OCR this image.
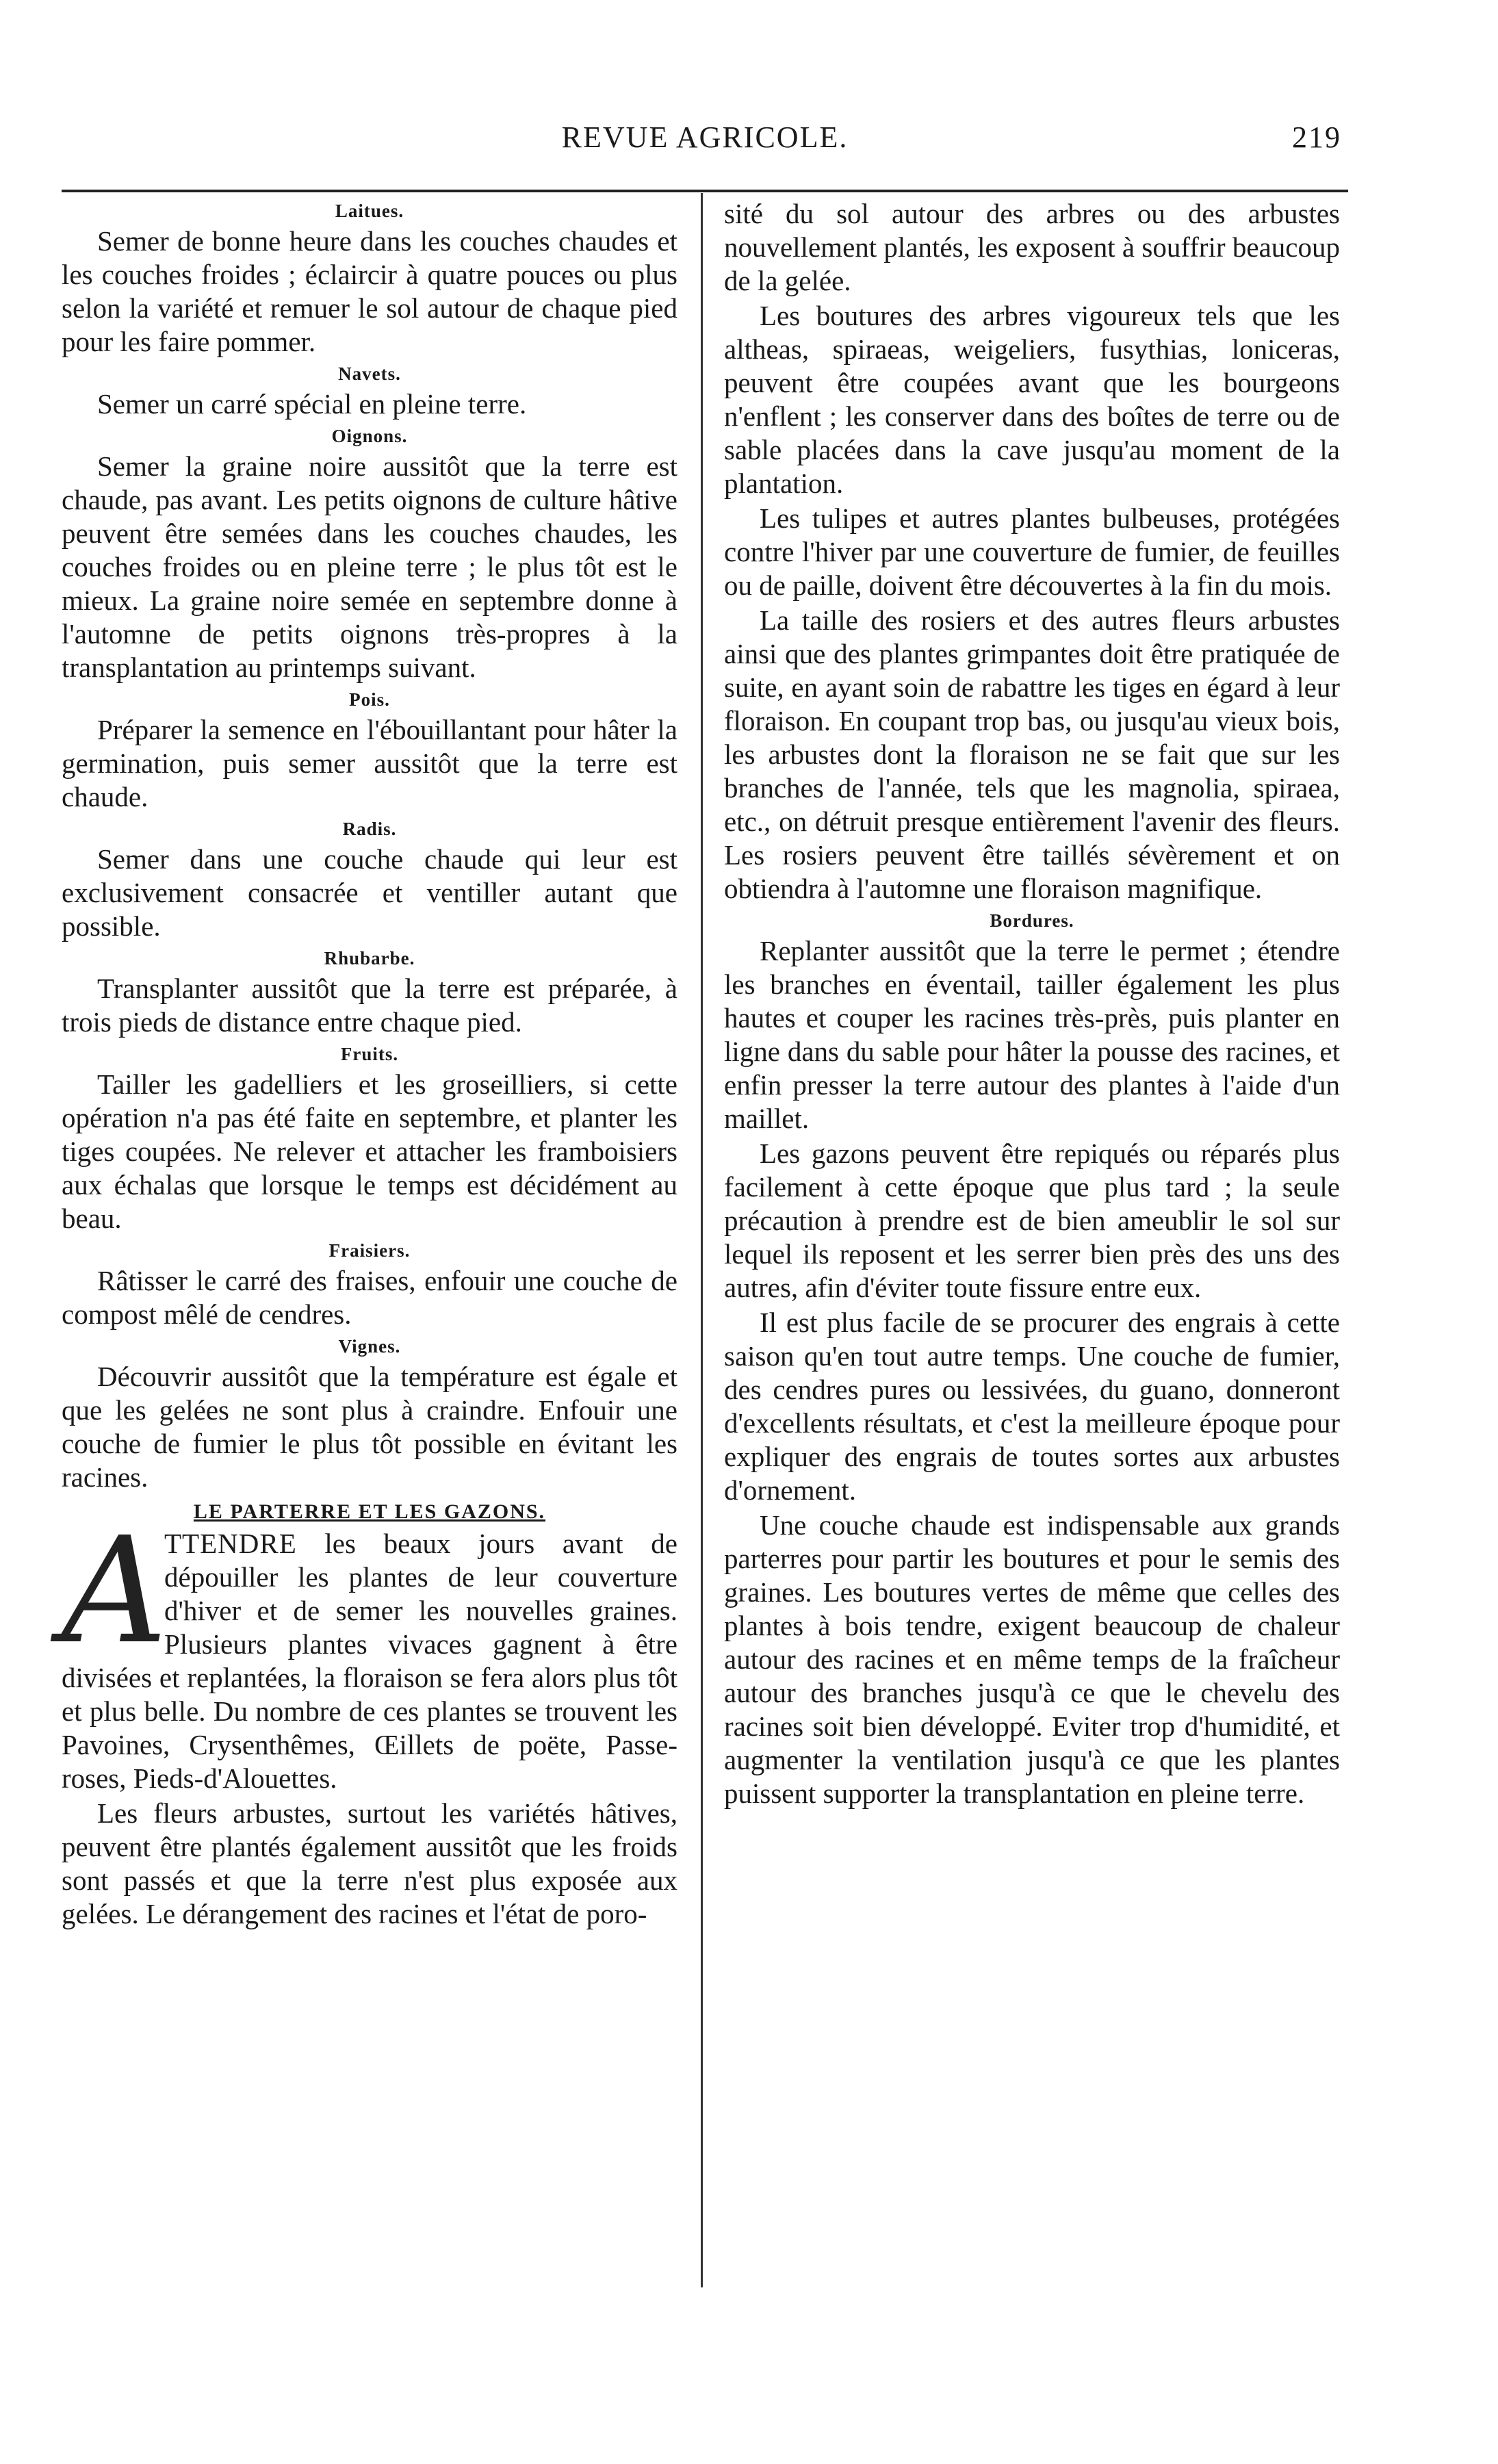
REVUE AGRICOLE.	219
Laitues.

Semer de bonne heure dans les couches chaudes et les couches froides ; éclaircir à quatre pouces ou plus selon la variété et remuer le sol autour de chaque pied pour les faire pommer.

Navets.

Semer un carré spécial en pleine terre.

Oignons.

Semer la graine noire aussitôt que la terre est chaude, pas avant. Les petits oignons de culture hâtive peuvent être semées dans les couches chaudes, les couches froides ou en pleine terre ; le plus tôt est le mieux. La graine noire semée en septembre donne à l'automne de petits oignons très-propres à la transplantation au printemps suivant.

Pois.

Préparer la semence en l'ébouillantant pour hâter la germination, puis semer aussitôt que la terre est chaude.

Radis.

Semer dans une couche chaude qui leur est exclusivement consacrée et ventiller autant que possible.

Rhubarbe.

Transplanter aussitôt que la terre est préparée, à trois pieds de distance entre chaque pied.

Fruits.

Tailler les gadelliers et les groseilliers, si cette opération n'a pas été faite en septembre, et planter les tiges coupées. Ne relever et attacher les framboisiers aux échalas que lorsque le temps est décidément au beau.

Fraisiers.

Râtisser le carré des fraises, enfouir une couche de compost mêlé de cendres.

Vignes.

Découvrir aussitôt que la température est égale et que les gelées ne sont plus à craindre. Enfouir une couche de fumier le plus tôt possible en évitant les racines.

LE PARTERRE ET LES GAZONS.

A
TTENDRE les beaux jours avant de dépouiller les plantes de leur couverture d'hiver et de semer les nouvelles graines. Plusieurs plantes vivaces gagnent à être divisées et replantées, la floraison se fera alors plus tôt et plus belle. Du nombre de ces plantes se trouvent les Pavoines, Crysenthêmes, Œillets de poëte, Passe-roses, Pieds-d'Alouettes.

Les fleurs arbustes, surtout les variétés hâtives, peuvent être plantés également aussitôt que les froids sont passés et que la terre n'est plus exposée aux gelées. Le dérangement des racines et l'état de poro-

sité du sol autour des arbres ou des arbustes nouvellement plantés, les exposent à souffrir beaucoup de la gelée.

Les boutures des arbres vigoureux tels que les altheas, spiraeas, weigeliers, fusythias, loniceras, peuvent être coupées avant que les bourgeons n'enflent ; les conserver dans des boîtes de terre ou de sable placées dans la cave jusqu'au moment de la plantation.

Les tulipes et autres plantes bulbeuses, protégées contre l'hiver par une couverture de fumier, de feuilles ou de paille, doivent être découvertes à la fin du mois.

La taille des rosiers et des autres fleurs arbustes ainsi que des plantes grimpantes doit être pratiquée de suite, en ayant soin de rabattre les tiges en égard à leur floraison. En coupant trop bas, ou jusqu'au vieux bois, les arbustes dont la floraison ne se fait que sur les branches de l'année, tels que les magnolia, spiraea, etc., on détruit presque entièrement l'avenir des fleurs. Les rosiers peuvent être taillés sévèrement et on obtiendra à l'automne une floraison magnifique.

Bordures.

Replanter aussitôt que la terre le permet ; étendre les branches en éventail, tailler également les plus hautes et couper les racines très-près, puis planter en ligne dans du sable pour hâter la pousse des racines, et enfin presser la terre autour des plantes à l'aide d'un maillet.

Les gazons peuvent être repiqués ou réparés plus facilement à cette époque que plus tard ; la seule précaution à prendre est de bien ameublir le sol sur lequel ils reposent et les serrer bien près des uns des autres, afin d'éviter toute fissure entre eux.

Il est plus facile de se procurer des engrais à cette saison qu'en tout autre temps. Une couche de fumier, des cendres pures ou lessivées, du guano, donneront d'excellents résultats, et c'est la meilleure époque pour expliquer des engrais de toutes sortes aux arbustes d'ornement.

Une couche chaude est indispensable aux grands parterres pour partir les boutures et pour le semis des graines. Les boutures vertes de même que celles des plantes à bois tendre, exigent beaucoup de chaleur autour des racines et en même temps de la fraîcheur autour des branches jusqu'à ce que le chevelu des racines soit bien développé. Eviter trop d'humidité, et augmenter la ventilation jusqu'à ce que les plantes puissent supporter la transplantation en pleine terre.
